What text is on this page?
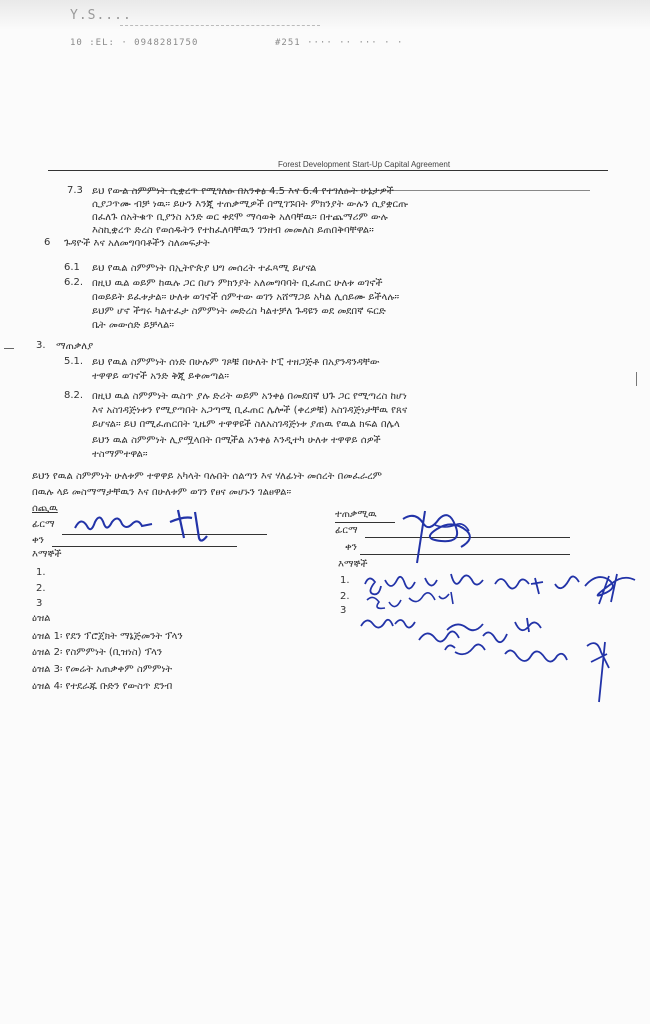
Y.S....
10 :EL: · 0948281750	#251 ···· ·· ··· · ·
Forest Development Start-Up Capital Agreement
7.3 ይህ የውል ስምምነት ሲቋረጥ የሚገለፁ በአንቀፅ 4.5 እና 6.4 የተገለፁት ሁኔታዎች
ሲያጋጥሙ ብቻ ነዉ። ይሁን እንጂ ተጠቃሚዎች በሚገኙበት ምክንያት ውሉን ሲያቋርጡ
በፈለጉ ሰአትቁጥ ቢያንስ አንድ ወር ቀደሞ ማሳወቅ አለባቸዉ። በተጨማሪም ውሉ
እስኪቋረጥ ድረስ የወሰዱትን የተከፈለባቸዉን ገንዘብ መመለስ ይጠበቅባቸዋል።
6 ጉዳዮች እና አለመግባባቶችን ስለመፍታት
6.1 ይህ የዉል ስምምነት በኢትዮጵያ ህግ መሰረት ተፈጻሚ ይሆናል
6.2. በዚህ ዉል ወይም ከዉሉ ጋር በሆነ ምክንያት አለመግባባት ቢፈጠር ሁለቱ ወገኖች
በወይይት ይፈቱታል። ሁለቱ ወገኖች ሰምተው ወገን አሸማጋይ አካል ሊሰይሙ ይችላሉ።
ይህም ሆኖ ችግሩ ካልተፈታ ስምምነት መድረስ ካልተቻለ ጉዳዩን ወደ መደበኛ ፍርድ
ቤት መውሰድ ይቻላል።
3. ማጠቃለያ
5.1. ይህ የዉል ስምምነት ሰነድ በሁሉም ገጾቹ በሁለት ኮፒ ተዘጋጅቶ በአያንዳንዳቸው
ተዋዋይ ወገኖች አንድ ቅጂ ይቀመጣል።
8.2. በዚህ ዉል ስምምነት ዉስጥ ያሉ ድሪት ወይም አንቀፅ በመደበኛ ህጉ ጋር የሚጣረስ ከሆነ
እና አስገዳጅነቱን የሚያጣበት አጋጣሚ ቢፈጠር ሌሎች (ቀረዎቹ) አስገዳጅነታቸዉ የጸና
ይሆናል። ይህ በሚፈጠርበት ጊዜም ተዋዋዩች ስለአስገዳጅነቱ ያጠዉ የዉል ክፍል በሌላ
ይህን ዉል ስምምነት ሊያሟላበት በሚችል አንቀፅ እንዲተካ ሁለቱ ተዋዋይ ሰዎች
ተስማምተዋል።
ይህን የዉል ስምምነት ሁለቱም ተዋዋይ አካላት ባሉበት ሰልጣን እና ሃለፊነት መሰረት በመፈራረም
በዉሉ ላይ መስማማታቸዉን እና በሁለቱም ወገን የፀና መሆኑን ገልፀዋል።
ሰጪዉ
ፊርማ
ቀን
እማኞች
1.
2.
3
ዕዝል
ዕዝል 1፡ የደን ፕሮጀክት ማኔጅመንት ፕላን
ዕዝል 2፡ የስምምነት (ቢዝነስ) ፕላን
ዕዝል 3፡ የመሬት አጠቃቀም ስምምነት
ዕዝል 4፡ የተደራጁ ቡድን የውስጥ ደንብ
ተጠቃሚዉ
ፊርማ
ቀን
እማኞች
1.
2.
3
